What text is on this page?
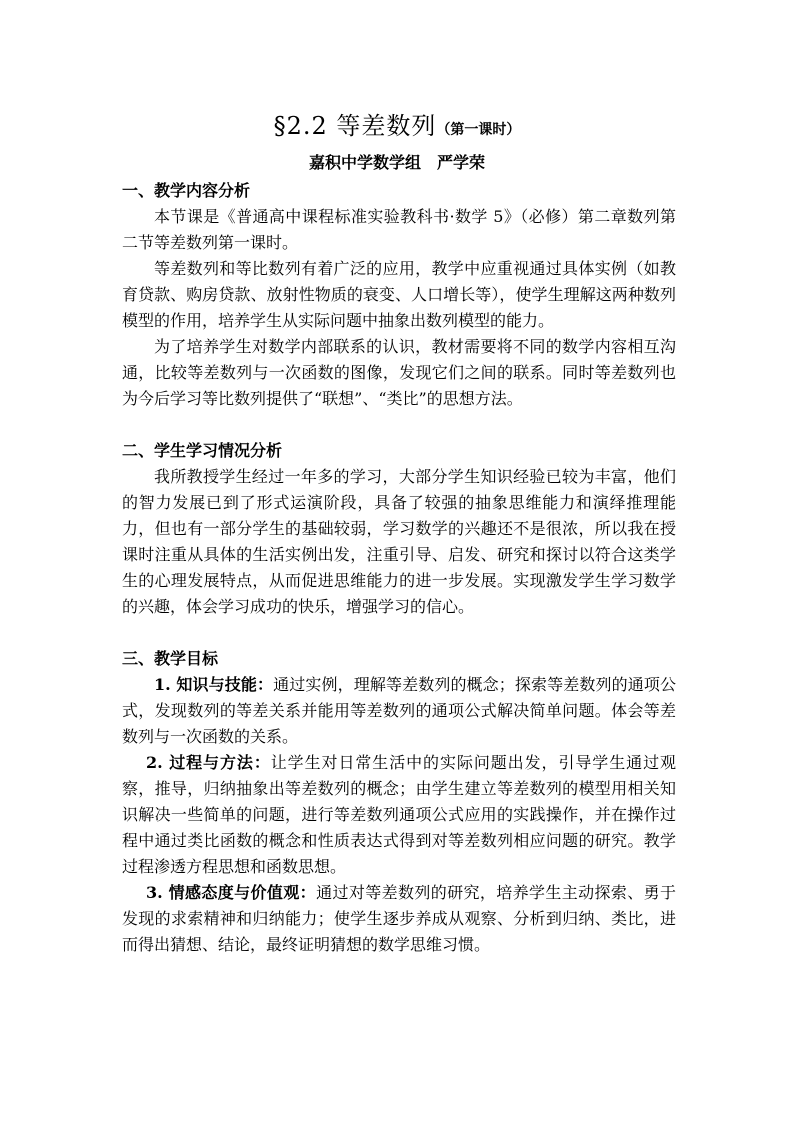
§2.2 等差数列（第一课时）
嘉积中学数学组 严学荣
一、教学内容分析

本节课是《普通高中课程标准实验教科书·数学 5》（必修）第二章数列第二节等差数列第一课时。

等差数列和等比数列有着广泛的应用，教学中应重视通过具体实例（如教育贷款、购房贷款、放射性物质的衰变、人口增长等），使学生理解这两种数列模型的作用，培养学生从实际问题中抽象出数列模型的能力。

为了培养学生对数学内部联系的认识，教材需要将不同的数学内容相互沟通，比较等差数列与一次函数的图像，发现它们之间的联系。同时等差数列也为今后学习等比数列提供了“联想”、“类比”的思想方法。

二、学生学习情况分析

我所教授学生经过一年多的学习，大部分学生知识经验已较为丰富，他们的智力发展已到了形式运演阶段，具备了较强的抽象思维能力和演绎推理能力，但也有一部分学生的基础较弱，学习数学的兴趣还不是很浓，所以我在授课时注重从具体的生活实例出发，注重引导、启发、研究和探讨以符合这类学生的心理发展特点，从而促进思维能力的进一步发展。实现激发学生学习数学的兴趣，体会学习成功的快乐，增强学习的信心。

三、教学目标

1. 知识与技能：通过实例，理解等差数列的概念；探索等差数列的通项公式，发现数列的等差关系并能用等差数列的通项公式解决简单问题。体会等差数列与一次函数的关系。

2. 过程与方法：让学生对日常生活中的实际问题出发，引导学生通过观察，推导，归纳抽象出等差数列的概念；由学生建立等差数列的模型用相关知识解决一些简单的问题，进行等差数列通项公式应用的实践操作，并在操作过程中通过类比函数的概念和性质表达式得到对等差数列相应问题的研究。教学过程渗透方程思想和函数思想。

3. 情感态度与价值观：通过对等差数列的研究，培养学生主动探索、勇于发现的求索精神和归纳能力；使学生逐步养成从观察、分析到归纳、类比，进而得出猜想、结论，最终证明猜想的数学思维习惯。
